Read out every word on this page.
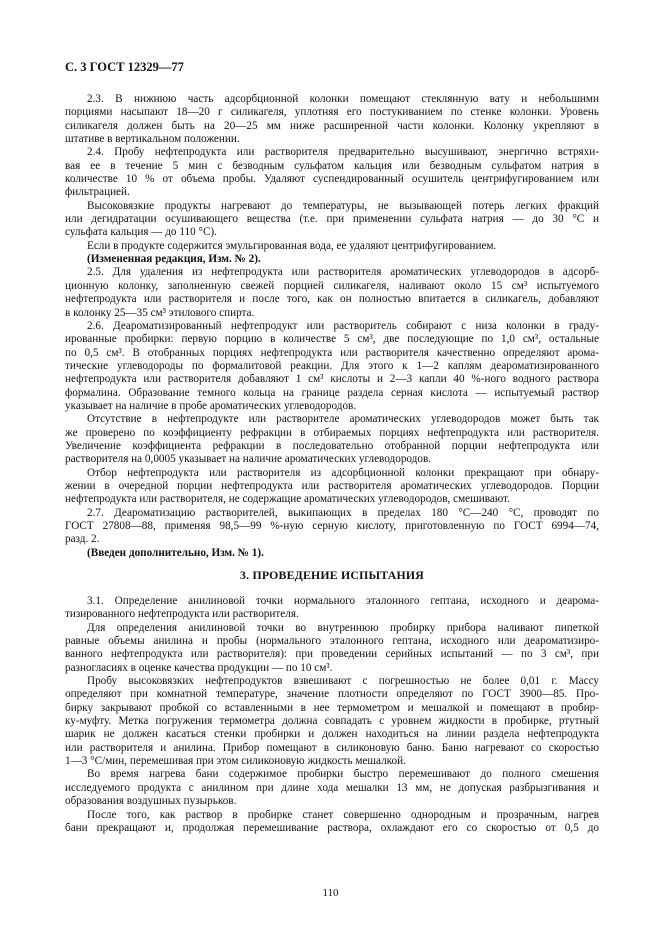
С. 3 ГОСТ 12329—77
2.3. В нижнюю часть адсорбционной колонки помещают стеклянную вату и небольшими
порциями насыпают 18—20 г силикагеля, уплотняя его постукиванием по стенке колонки. Уровень
силикагеля должен быть на 20—25 мм ниже расширенной части колонки. Колонку укрепляют в
штативе в вертикальном положении.
2.4. Пробу нефтепродукта или растворителя предварительно высушивают, энергично встряхи-
вая ее в течение 5 мин с безводным сульфатом кальция или безводным сульфатом натрия в
количестве 10 % от объема пробы. Удаляют суспендированный осушитель центрифугированием или
фильтрацией.
Высоковязкие продукты нагревают до температуры, не вызывающей потерь легких фракций
или дегидратации осушивающего вещества (т.е. при применении сульфата натрия — до 30 °С и
сульфата кальция — до 110 °С).
Если в продукте содержится эмульгированная вода, ее удаляют центрифугированием.
(Измененная редакция, Изм. № 2).
2.5. Для удаления из нефтепродукта или растворителя ароматических углеводородов в адсорб-
ционную колонку, заполненную свежей порцией силикагеля, наливают около 15 см³ испытуемого
нефтепродукта или растворителя и после того, как он полностью впитается в силикагель, добавляют
в колонку 25—35 см³ этилового спирта.
2.6. Деароматизированный нефтепродукт или растворитель собирают с низа колонки в граду-
ированные пробирки: первую порцию в количестве 5 см³, две последующие по 1,0 см³, остальные
по 0,5 см³. В отобранных порциях нефтепродукта или растворителя качественно определяют арома-
тические углеводороды по формалитовой реакции. Для этого к 1—2 каплям деароматизированного
нефтепродукта или растворителя добавляют 1 см³ кислоты и 2—3 капли 40 %-ного водного раствора
формалина. Образование темного кольца на границе раздела серная кислота — испытуемый раствор
указывает на наличие в пробе ароматических углеводородов.
Отсутствие в нефтепродукте или растворителе ароматических углеводородов может быть так
же проверено по коэффициенту рефракции в отбираемых порциях нефтепродукта или растворителя.
Увеличение коэффициента рефракции в последовательно отобранной порции нефтепродукта или
растворителя на 0,0005 указывает на наличие ароматических углеводородов.
Отбор нефтепродукта или растворителя из адсорбционной колонки прекращают при обнару-
жении в очередной порции нефтепродукта или растворителя ароматических углеводородов. Порции
нефтепродукта или растворителя, не содержащие ароматических углеводородов, смешивают.
2.7. Деароматизацию растворителей, выкипающих в пределах 180 °С—240 °С, проводят по
ГОСТ 27808—88, применяя 98,5—99 %-ную серную кислоту, приготовленную по ГОСТ 6994—74,
разд. 2.
(Введен дополнительно, Изм. № 1).
3. ПРОВЕДЕНИЕ ИСПЫТАНИЯ
3.1. Определение анилиновой точки нормального эталонного гептана, исходного и деарома-
тизированного нефтепродукта или растворителя.
Для определения анилиновой точки во внутреннюю пробирку прибора наливают пипеткой
равные объемы анилина и пробы (нормального эталонного гептана, исходного или деароматизиро-
ванного нефтепродукта или растворителя): при проведении серийных испытаний — по 3 см³, при
разногласиях в оценке качества продукции — по 10 см³.
Пробу высоковязких нефтепродуктов взвешивают с погрешностью не более 0,01 г. Массу
определяют при комнатной температуре, значение плотности определяют по ГОСТ 3900—85. Про-
бирку закрывают пробкой со вставленными в нее термометром и мешалкой и помещают в пробир-
ку-муфту. Метка погружения термометра должна совпадать с уровнем жидкости в пробирке, ртутный
шарик не должен касаться стенки пробирки и должен находиться на линии раздела нефтепродукта
или растворителя и анилина. Прибор помещают в силиконовую баню. Баню нагревают со скоростью
1—3 °С/мин, перемешивая при этом силиконовую жидкость мешалкой.
Во время нагрева бани содержимое пробирки быстро перемешивают до полного смешения
исследуемого продукта с анилином при длине хода мешалки 13 мм, не допуская разбрызгивания и
образования воздушных пузырьков.
После того, как раствор в пробирке станет совершенно однородным и прозрачным, нагрев
бани прекращают и, продолжая перемешивание раствора, охлаждают его со скоростью от 0,5 до
110
